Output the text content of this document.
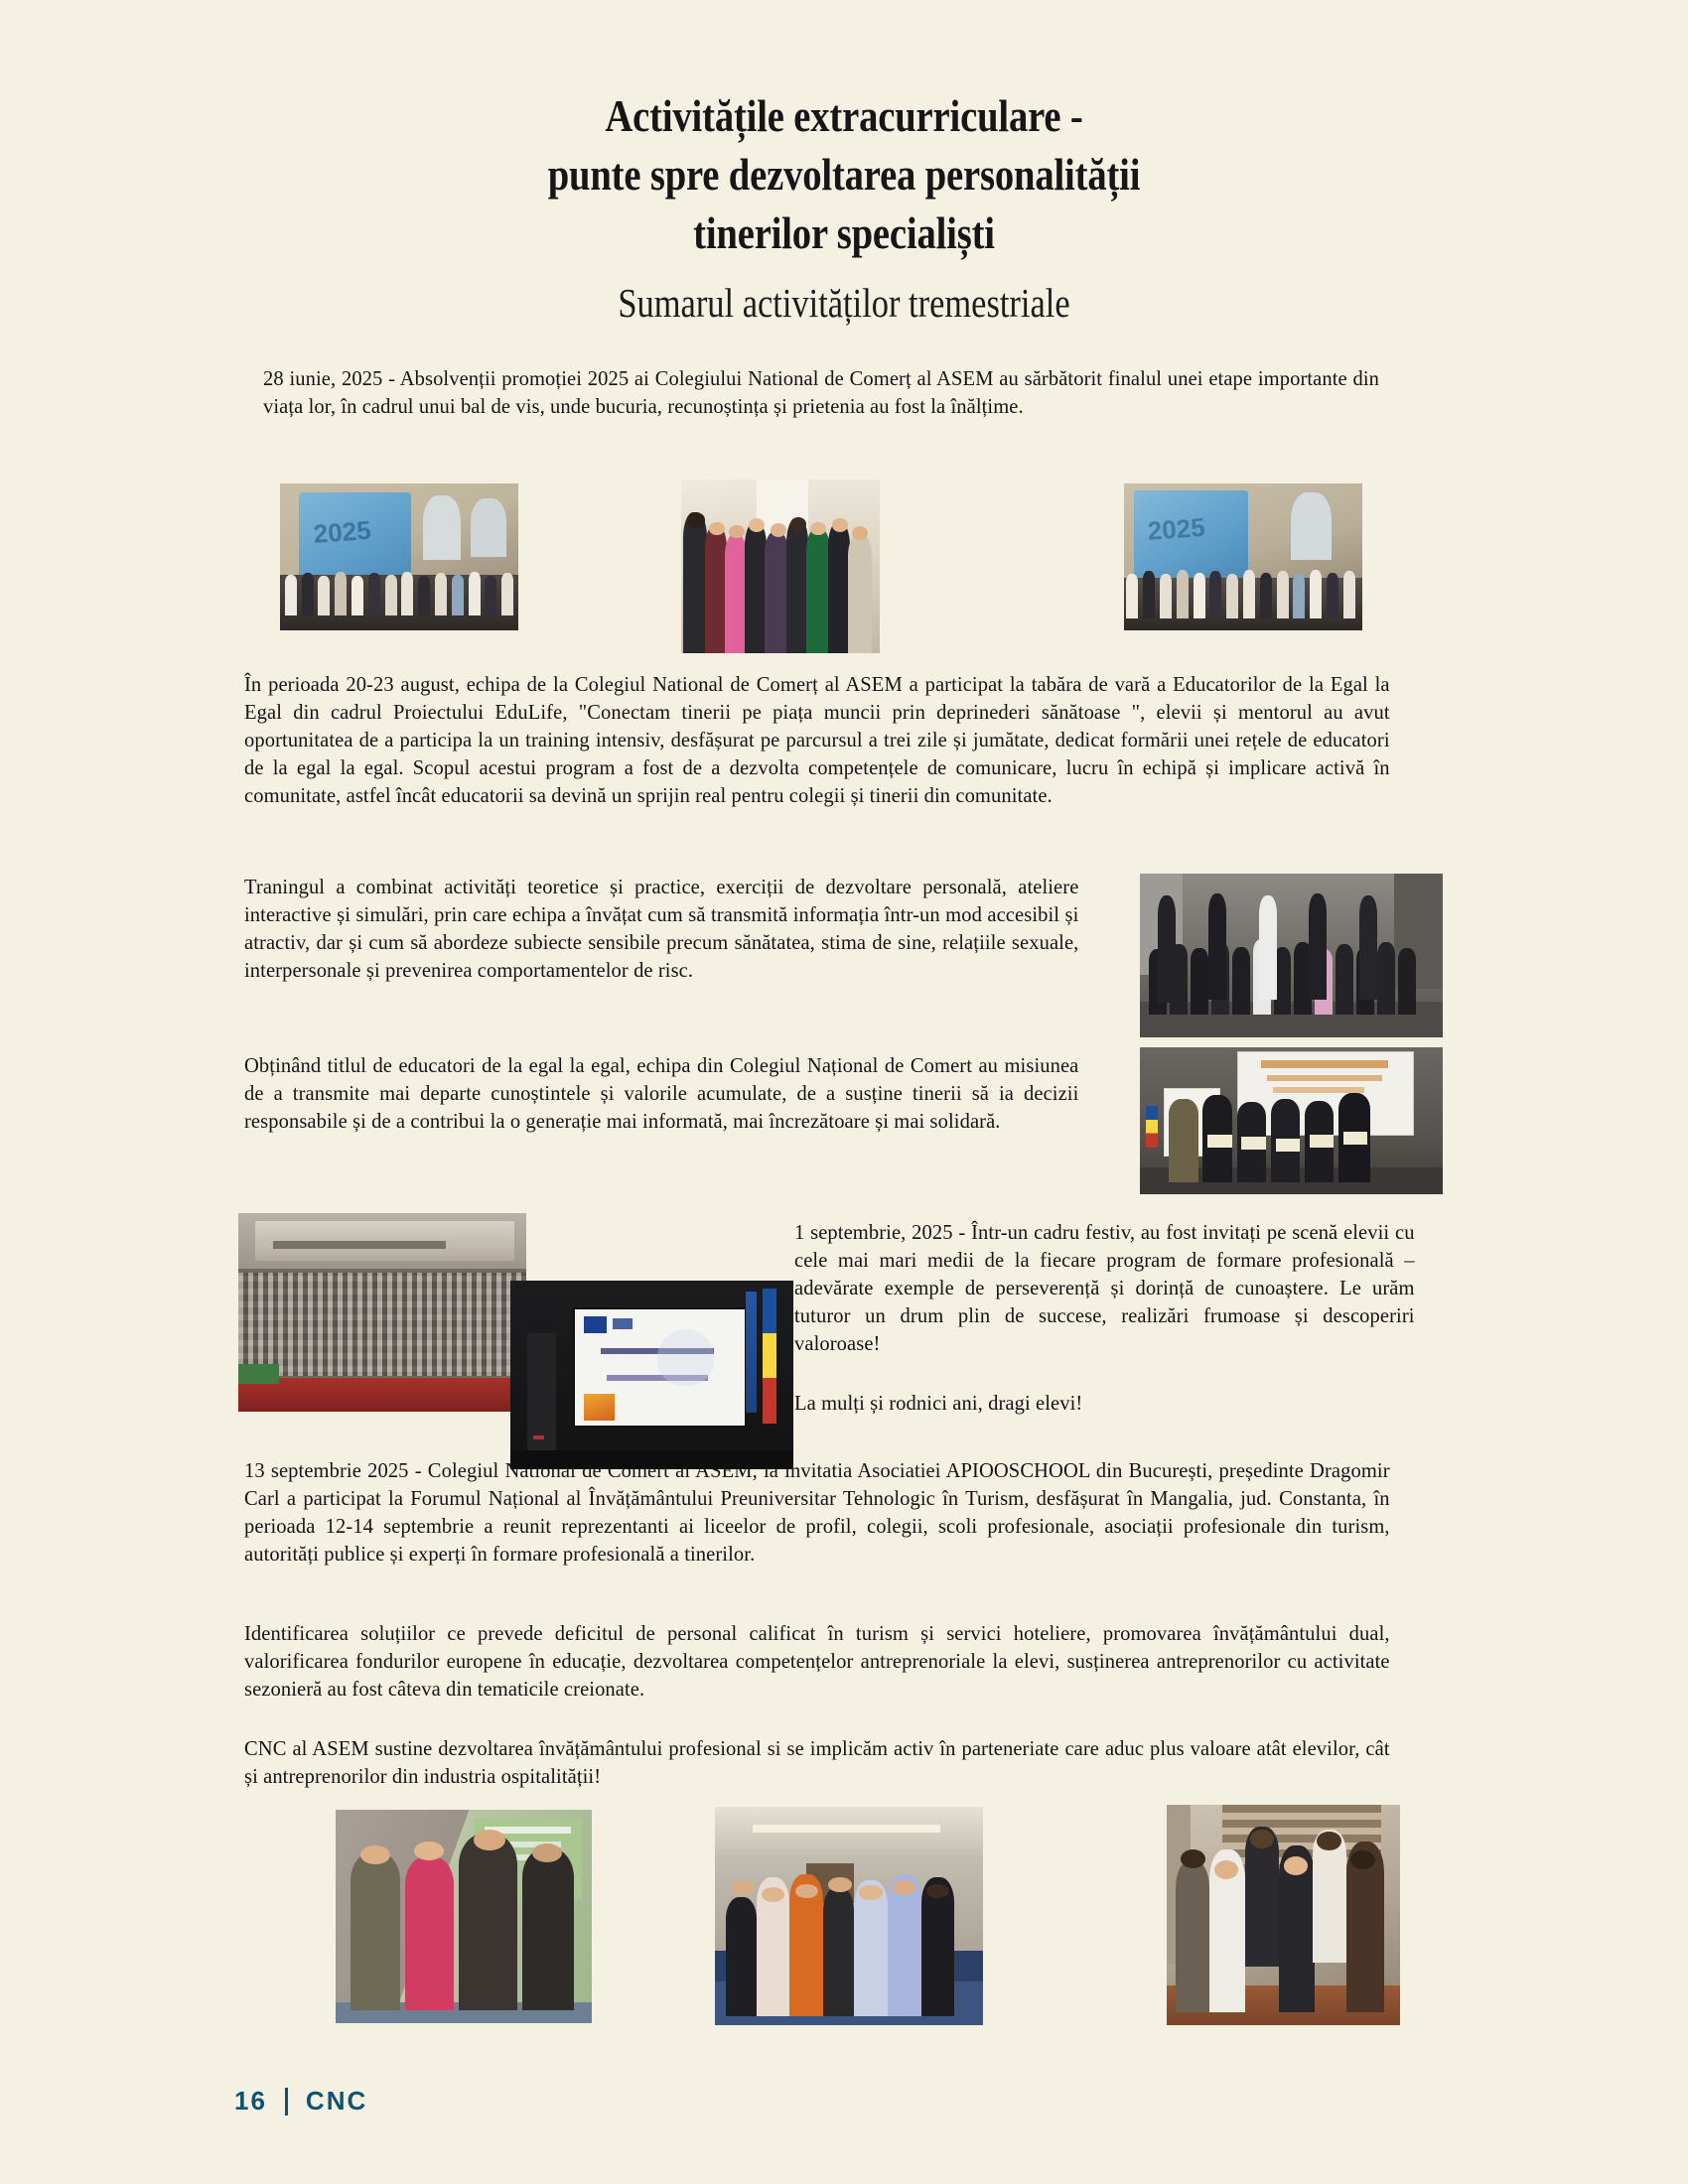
Activitățile extracurriculare -
punte spre dezvoltarea personalității
tinerilor specialiști
Sumarul activităților tremestriale

28 iunie, 2025 - Absolvenții promoției 2025 ai Colegiului National de Comerț al ASEM au sărbătorit finalul unei etape importante din viața lor, în cadrul unui bal de vis, unde bucuria, recunoștința și prietenia au fost la înălțime.

2025	2025

În perioada 20-23 august, echipa de la Colegiul National de Comerț al ASEM a participat la tabăra de vară a Educatorilor de la Egal la Egal din cadrul Proiectului EduLife, "Conectam tinerii pe piața muncii prin deprinederi sănătoase ", elevii și mentorul au avut oportunitatea de a participa la un training intensiv, desfășurat pe parcursul a trei zile și jumătate, dedicat formării unei rețele de educatori de la egal la egal. Scopul acestui program a fost de a dezvolta competențele de comunicare, lucru în echipă și implicare activă în comunitate, astfel încât educatorii sa devină un sprijin real pentru colegii și tinerii din comunitate.

Traningul a combinat activități teoretice și practice, exerciții de dezvoltare personală, ateliere interactive și simulări, prin care echipa a învățat cum să transmită informația într-un mod accesibil și atractiv, dar și cum să abordeze subiecte sensibile precum sănătatea, stima de sine, relațiile sexuale, interpersonale și prevenirea comportamentelor de risc.

Obținând titlul de educatori de la egal la egal, echipa din Colegiul Național de Comert au misiunea de a transmite mai departe cunoștintele și valorile acumulate, de a susține tinerii să ia decizii responsabile și de a contribui la o generație mai informată, mai încrezătoare și mai solidară.

1 septembrie, 2025 - Într-un cadru festiv, au fost invitați pe scenă elevii cu cele mai mari medii de la fiecare program de formare profesională – adevărate exemple de perseverență și dorință de cunoaștere. Le urăm tuturor un drum plin de succese, realizări frumoase și descoperiri valoroase!

La mulți și rodnici ani, dragi elevi!

13 septembrie 2025 - Colegiul National de Comert al ASEM, la invitatia Asociatiei APIOOSCHOOL din București, președinte Dragomir Carl a participat la Forumul Național al Învățământului Preuniversitar Tehnologic în Turism, desfășurat în Mangalia, jud. Constanta, în perioada 12-14 septembrie a reunit reprezentanti ai liceelor de profil, colegii, scoli profesionale, asociații profesionale din turism, autorități publice și experți în formare profesională a tinerilor.

Identificarea soluțiilor ce prevede deficitul de personal calificat în turism și servici hoteliere, promovarea învățământului dual, valorificarea fondurilor europene în educație, dezvoltarea competențelor antreprenoriale la elevi, susținerea antreprenorilor cu activitate sezonieră au fost câteva din tematicile creionate.

CNC al ASEM sustine dezvoltarea învățământului profesional si se implicăm activ în parteneriate care aduc plus valoare atât elevilor, cât și antreprenorilor din industria ospitalității!

16 CNC
